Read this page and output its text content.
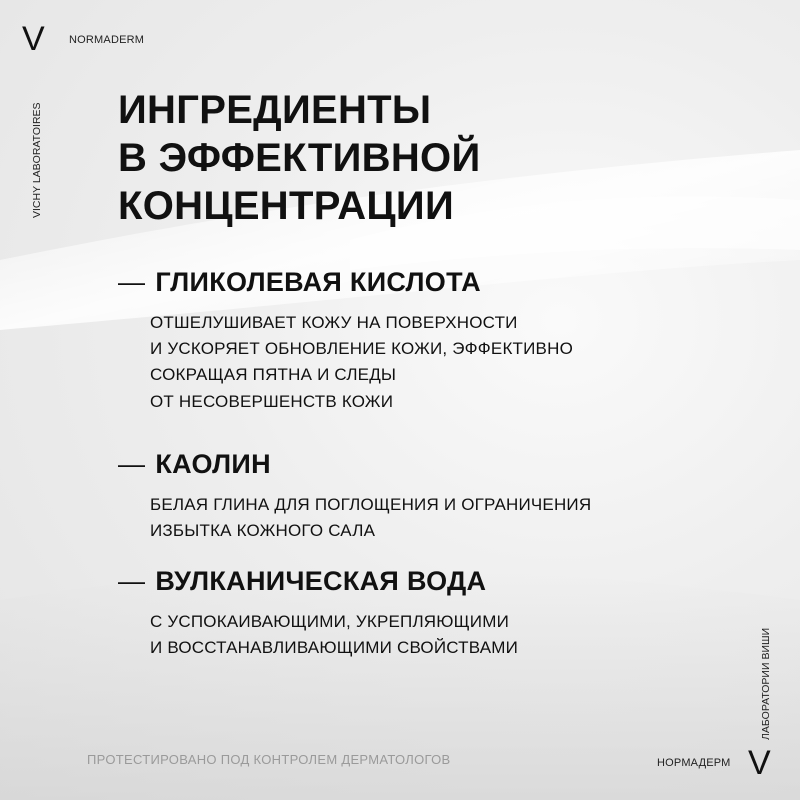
V NORMADERM
VICHY LABORATOIRES ИНГРЕДИЕНТЫ
В ЭФФЕКТИВНОЙ
КОНЦЕНТРАЦИИ
— ГЛИКОЛЕВАЯ КИСЛОТА
ОТШЕЛУШИВАЕТ КОЖУ НА ПОВЕРХНОСТИ
И УСКОРЯЕТ ОБНОВЛЕНИЕ КОЖИ, ЭФФЕКТИВНО
СОКРАЩАЯ ПЯТНА И СЛЕДЫ
ОТ НЕСОВЕРШЕНСТВ КОЖИ
— КАОЛИН
БЕЛАЯ ГЛИНА ДЛЯ ПОГЛОЩЕНИЯ И ОГРАНИЧЕНИЯ
ИЗБЫТКА КОЖНОГО САЛА
— ВУЛКАНИЧЕСКАЯ ВОДА
С УСПОКАИВАЮЩИМИ, УКРЕПЛЯЮЩИМИ
И ВОССТАНАВЛИВАЮЩИМИ СВОЙСТВАМИ
ПРОТЕСТИРОВАНО ПОД КОНТРОЛЕМ ДЕРМАТОЛОГОВ
ЛАБОРАТОРИИ ВИШИ
НОРМАДЕРМ V
